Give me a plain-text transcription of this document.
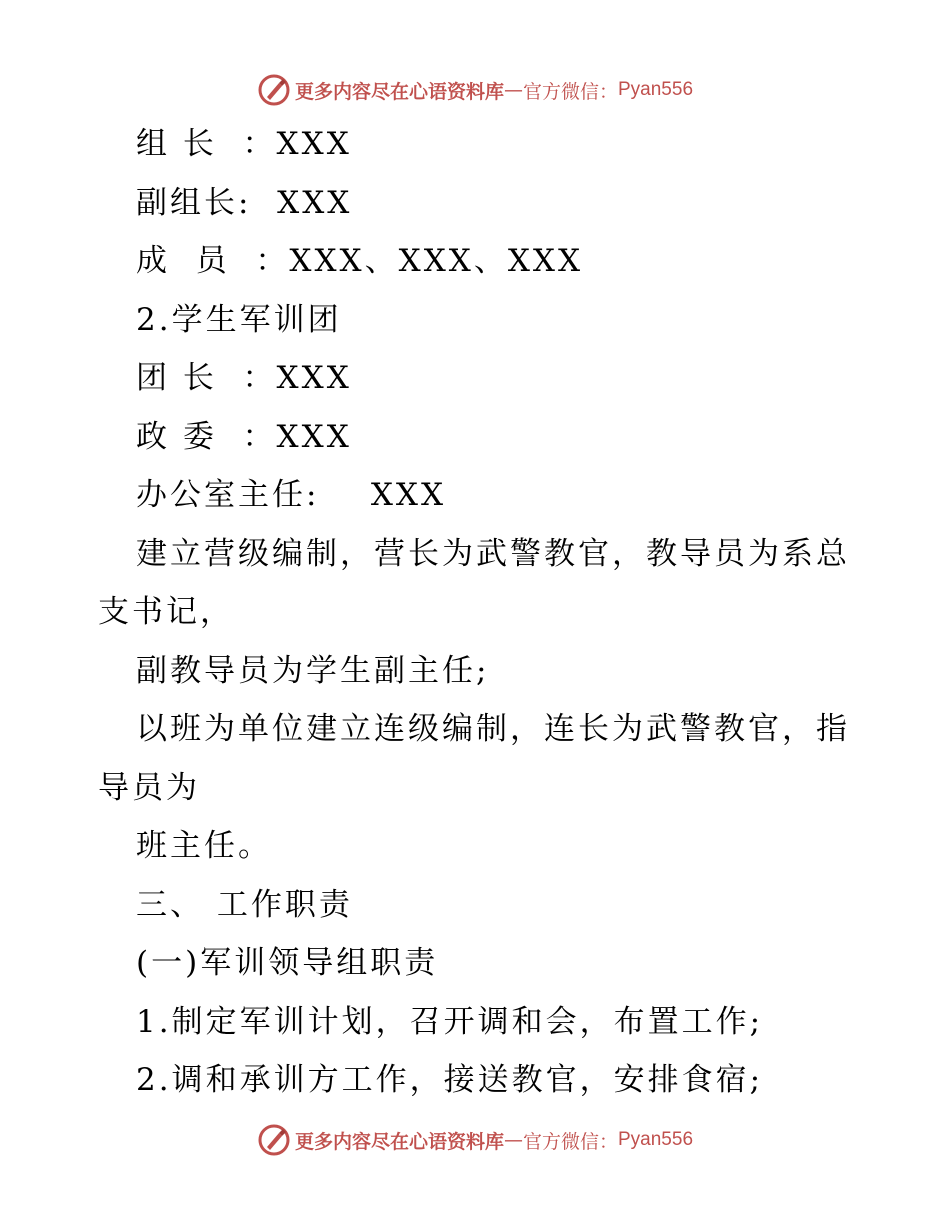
更多内容尽在心语资料库 — 官方微信： Pyan556

组 长  ：XXX

副组长:  XXX

成  员  ：XXX、XXX、XXX

2.学生军训团

团 长  ：XXX

政 委  ：XXX

办公室主任:    XXX

建立营级编制，营长为武警教官，教导员为系总

支书记，

副教导员为学生副主任;

以班为单位建立连级编制，连长为武警教官，指

导员为

班主任。

三、 工作职责

(一)军训领导组职责

1.制定军训计划，召开调和会，布置工作;

2.调和承训方工作，接送教官，安排食宿;

更多内容尽在心语资料库 — 官方微信： Pyan556
